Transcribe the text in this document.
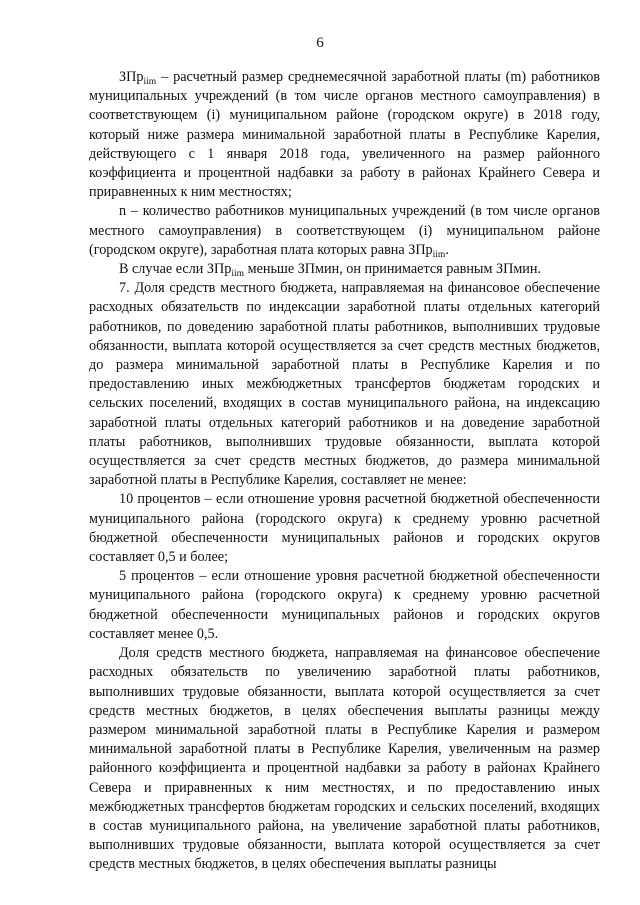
6

ЗПр$_{iim}$ – расчетный размер среднемесячной заработной платы (m) работников муниципальных учреждений (в том числе органов местного самоуправления) в соответствующем (i) муниципальном районе (городском округе) в 2018 году, который ниже размера минимальной заработной платы в Республике Карелия, действующего с 1 января 2018 года, увеличенного на размер районного коэффициента и процентной надбавки за работу в районах Крайнего Севера и приравненных к ним местностях;

n – количество работников муниципальных учреждений (в том числе органов местного самоуправления) в соответствующем (i) муниципальном районе (городском округе), заработная плата которых равна ЗПр$_{iim}$.

В случае если ЗПр$_{iim}$ меньше ЗПмин, он принимается равным ЗПмин.

7. Доля средств местного бюджета, направляемая на финансовое обеспечение расходных обязательств по индексации заработной платы отдельных категорий работников, по доведению заработной платы работников, выполнивших трудовые обязанности, выплата которой осуществляется за счет средств местных бюджетов, до размера минимальной заработной платы в Республике Карелия и по предоставлению иных межбюджетных трансфертов бюджетам городских и сельских поселений, входящих в состав муниципального района, на индексацию заработной платы отдельных категорий работников и на доведение заработной платы работников, выполнивших трудовые обязанности, выплата которой осуществляется за счет средств местных бюджетов, до размера минимальной заработной платы в Республике Карелия, составляет не менее:

10 процентов – если отношение уровня расчетной бюджетной обеспеченности муниципального района (городского округа) к среднему уровню расчетной бюджетной обеспеченности муниципальных районов и городских округов составляет 0,5 и более;

5 процентов – если отношение уровня расчетной бюджетной обеспеченности муниципального района (городского округа) к среднему уровню расчетной бюджетной обеспеченности муниципальных районов и городских округов составляет менее 0,5.

Доля средств местного бюджета, направляемая на финансовое обеспечение расходных обязательств по увеличению заработной платы работников, выполнивших трудовые обязанности, выплата которой осуществляется за счет средств местных бюджетов, в целях обеспечения выплаты разницы между размером минимальной заработной платы в Республике Карелия и размером минимальной заработной платы в Республике Карелия, увеличенным на размер районного коэффициента и процентной надбавки за работу в районах Крайнего Севера и приравненных к ним местностях, и по предоставлению иных межбюджетных трансфертов бюджетам городских и сельских поселений, входящих в состав муниципального района, на увеличение заработной платы работников, выполнивших трудовые обязанности, выплата которой осуществляется за счет средств местных бюджетов, в целях обеспечения выплаты разницы
